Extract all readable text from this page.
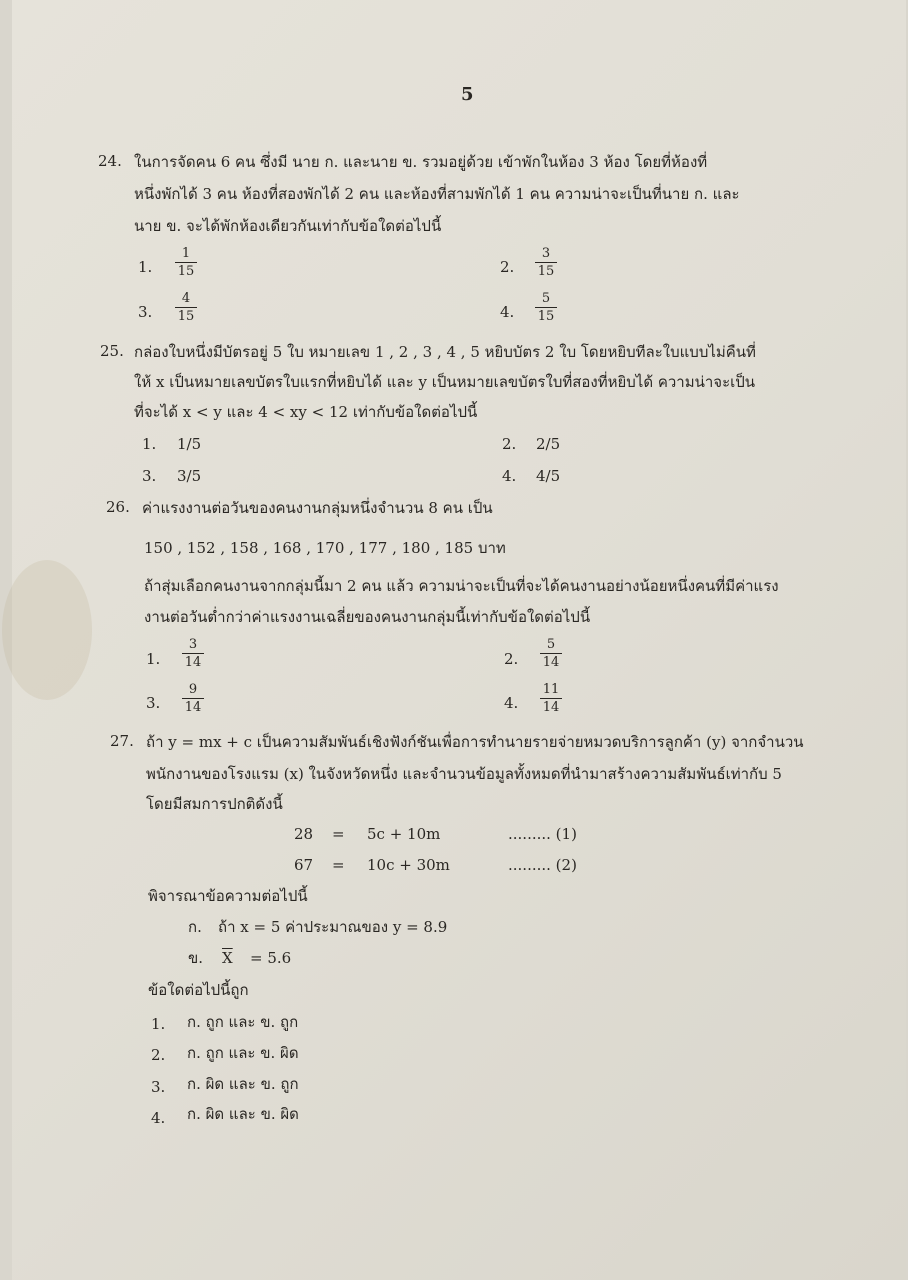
5
24. ในการจัดคน 6 คน ซึ่งมี นาย ก. และนาย ข. รวมอยู่ด้วย เข้าพักในห้อง 3 ห้อง โดยที่ห้องที่
หนึ่งพักได้ 3 คน ห้องที่สองพักได้ 2 คน และห้องที่สามพักได้ 1 คน ความน่าจะเป็นที่นาย ก. และ
นาย ข. จะได้พักห้องเดียวกันเท่ากับข้อใดต่อไปนี้
1.
1
15	2.
3
15
3.
4
15	4.
5
15
25. กล่องใบหนึ่งมีบัตรอยู่ 5 ใบ หมายเลข 1 , 2 , 3 , 4 , 5 หยิบบัตร 2 ใบ โดยหยิบทีละใบแบบไม่คืนที่
ให้ x เป็นหมายเลขบัตรใบแรกที่หยิบได้ และ y เป็นหมายเลขบัตรใบที่สองที่หยิบได้ ความน่าจะเป็น
ที่จะได้ x < y และ 4 < xy < 12 เท่ากับข้อใดต่อไปนี้
1. 1/5	2. 2/5
3. 3/5	4. 4/5
26. ค่าแรงงานต่อวันของคนงานกลุ่มหนึ่งจำนวน 8 คน เป็น
150 , 152 , 158 , 168 , 170 , 177 , 180 , 185 บาท
ถ้าสุ่มเลือกคนงานจากกลุ่มนี้มา 2 คน แล้ว ความน่าจะเป็นที่จะได้คนงานอย่างน้อยหนึ่งคนที่มีค่าแรง
งานต่อวันต่ำกว่าค่าแรงงานเฉลี่ยของคนงานกลุ่มนี้เท่ากับข้อใดต่อไปนี้
1.
3
14	2.
5
14
3.
9
14	4.
11
14
27. ถ้า y = mx + c เป็นความสัมพันธ์เชิงฟังก์ชันเพื่อการทำนายรายจ่ายหมวดบริการลูกค้า (y) จากจำนวน
พนักงานของโรงแรม (x) ในจังหวัดหนึ่ง และจำนวนข้อมูลทั้งหมดที่นำมาสร้างความสัมพันธ์เท่ากับ 5
โดยมีสมการปกติดังนี้
28 = 5c + 10m	......... (1)
67 = 10c + 30m	......... (2)
พิจารณาข้อความต่อไปนี้
ก. ถ้า x = 5 ค่าประมาณของ y = 8.9
ข. $\overline{X} = 5.6$
ข้อใดต่อไปนี้ถูก
1. ก. ถูก และ ข. ถูก
2. ก. ถูก และ ข. ผิด
3. ก. ผิด และ ข. ถูก
4. ก. ผิด และ ข. ผิด
